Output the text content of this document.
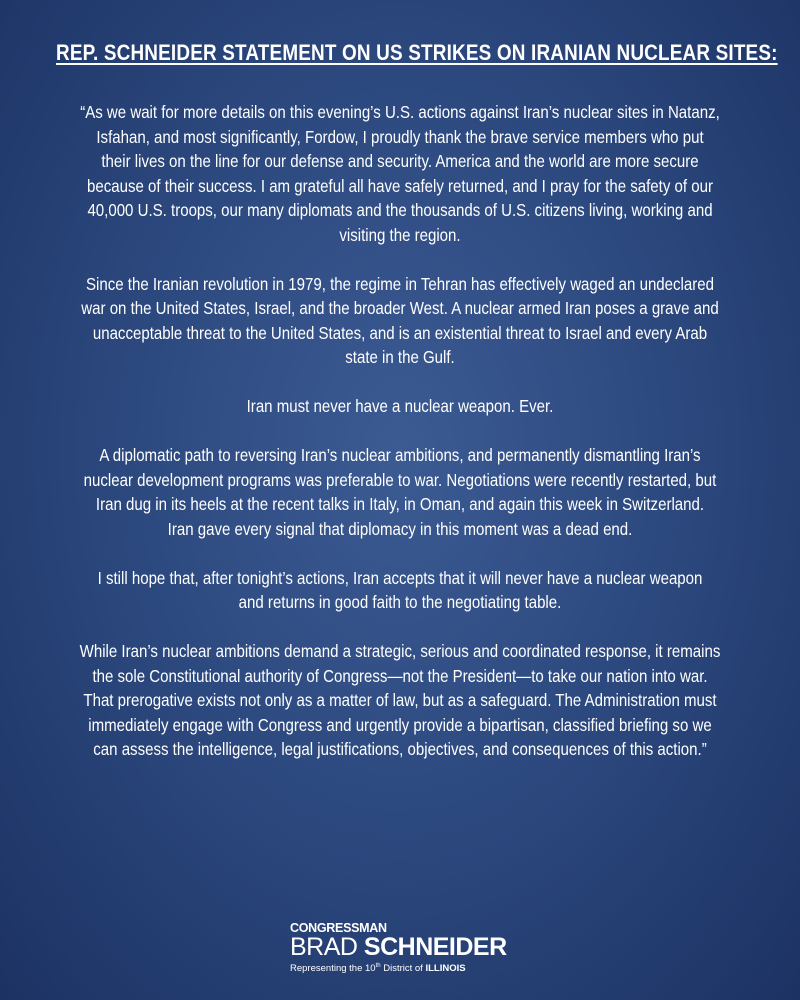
REP. SCHNEIDER STATEMENT ON US STRIKES ON IRANIAN NUCLEAR SITES:

“As we wait for more details on this evening’s U.S. actions against Iran’s nuclear sites in Natanz,
Isfahan, and most significantly, Fordow, I proudly thank the brave service members who put
their lives on the line for our defense and security. America and the world are more secure
because of their success. I am grateful all have safely returned, and I pray for the safety of our
40,000 U.S. troops, our many diplomats and the thousands of U.S. citizens living, working and
visiting the region.

Since the Iranian revolution in 1979, the regime in Tehran has effectively waged an undeclared
war on the United States, Israel, and the broader West. A nuclear armed Iran poses a grave and
unacceptable threat to the United States, and is an existential threat to Israel and every Arab
state in the Gulf.

Iran must never have a nuclear weapon. Ever.

A diplomatic path to reversing Iran’s nuclear ambitions, and permanently dismantling Iran’s
nuclear development programs was preferable to war. Negotiations were recently restarted, but
Iran dug in its heels at the recent talks in Italy, in Oman, and again this week in Switzerland.
Iran gave every signal that diplomacy in this moment was a dead end.

I still hope that, after tonight’s actions, Iran accepts that it will never have a nuclear weapon
and returns in good faith to the negotiating table.

While Iran’s nuclear ambitions demand a strategic, serious and coordinated response, it remains
the sole Constitutional authority of Congress—not the President—to take our nation into war.
That prerogative exists not only as a matter of law, but as a safeguard. The Administration must
immediately engage with Congress and urgently provide a bipartisan, classified briefing so we
can assess the intelligence, legal justifications, objectives, and consequences of this action.”

CONGRESSMAN
BRAD SCHNEIDER
Representing the 10th District of ILLINOIS
